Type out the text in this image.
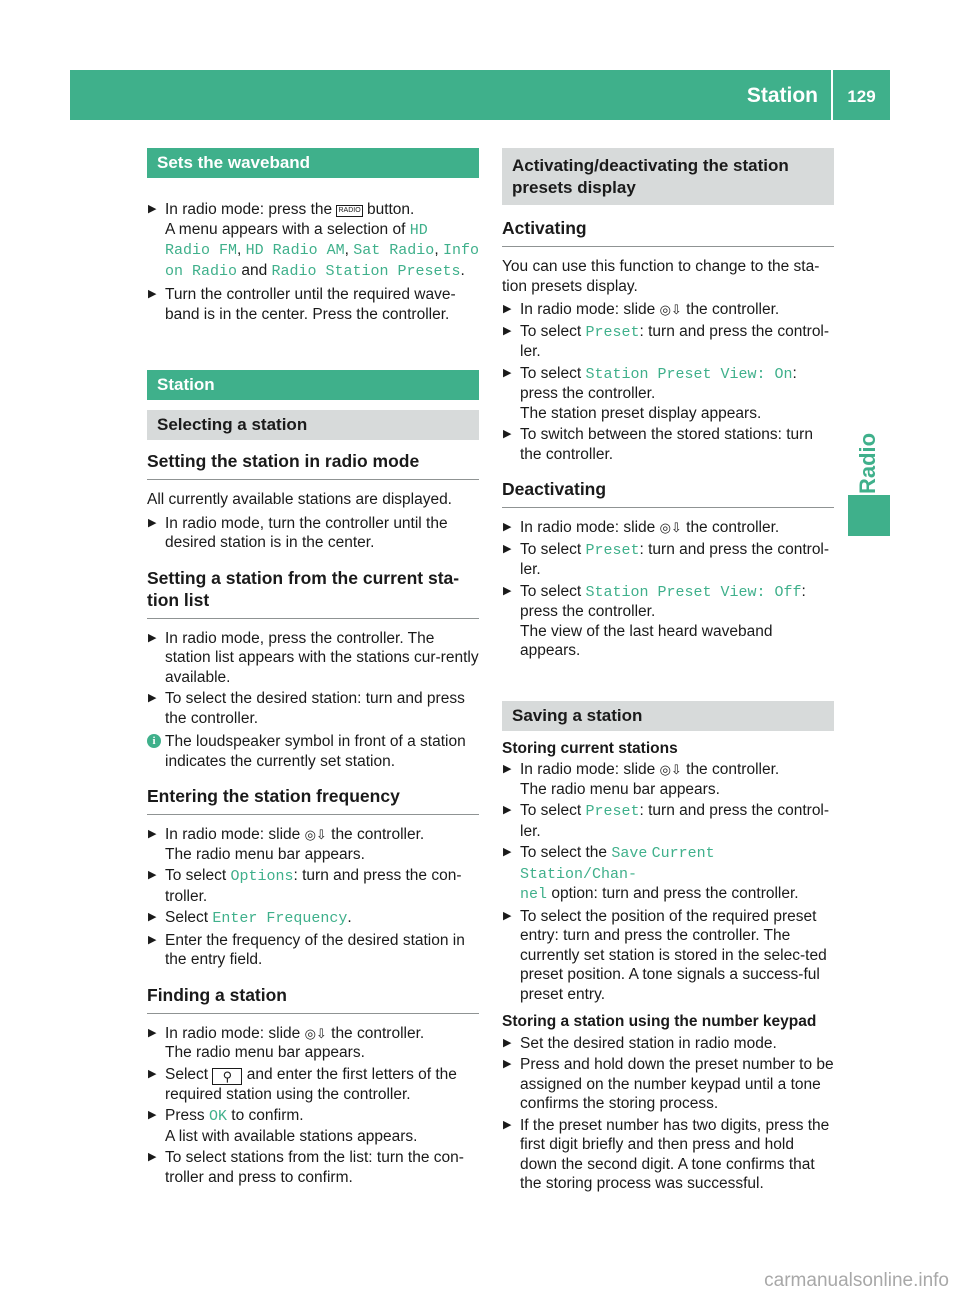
Station	129
Radio
Sets the waveband
▶ In radio mode: press the RADIO button.
A menu appears with a selection of HD
Radio FM, HD Radio AM, Sat Radio, Info
on Radio and Radio Station Presets.
▶ Turn the controller until the required wave-band is in the center. Press the controller.
Station
Selecting a station
Setting the station in radio mode
All currently available stations are displayed.
▶ In radio mode, turn the controller until the desired station is in the center.
Setting a station from the current sta-
tion list
▶ In radio mode, press the controller. The station list appears with the stations cur-rently available.
▶ To select the desired station: turn and press the controller.
i The loudspeaker symbol in front of a station indicates the currently set station.
Entering the station frequency
▶ In radio mode: slide ◎⇩ the controller.
The radio menu bar appears.
▶ To select Options: turn and press the con-troller.
▶ Select Enter Frequency.
▶ Enter the frequency of the desired station in the entry field.
Finding a station
▶ In radio mode: slide ◎⇩ the controller.
The radio menu bar appears.
▶ Select ⚲ and enter the first letters of the required station using the controller.
▶ Press OK to confirm.
A list with available stations appears.
▶ To select stations from the list: turn the con-troller and press to confirm.
Activating/deactivating the station
presets display
Activating
You can use this function to change to the sta-tion presets display.
▶ In radio mode: slide ◎⇩ the controller.
▶ To select Preset: turn and press the control-ler.
▶ To select Station Preset View: On: press the controller.
The station preset display appears.
▶ To switch between the stored stations: turn the controller.
Deactivating
▶ In radio mode: slide ◎⇩ the controller.
▶ To select Preset: turn and press the control-ler.
▶ To select Station Preset View: Off:
press the controller.
The view of the last heard waveband appears.
Saving a station
Storing current stations
▶ In radio mode: slide ◎⇩ the controller.
The radio menu bar appears.
▶ To select Preset: turn and press the control-ler.
▶ To select the Save Current Station/Chan‐
nel option: turn and press the controller.
▶ To select the position of the required preset entry: turn and press the controller. The currently set station is stored in the selec-ted preset position. A tone signals a success-ful preset entry.
Storing a station using the number keypad
▶ Set the desired station in radio mode.
▶ Press and hold down the preset number to be assigned on the number keypad until a tone confirms the storing process.
▶ If the preset number has two digits, press the first digit briefly and then press and hold down the second digit. A tone confirms that the storing process was successful.
carmanualsonline.info
